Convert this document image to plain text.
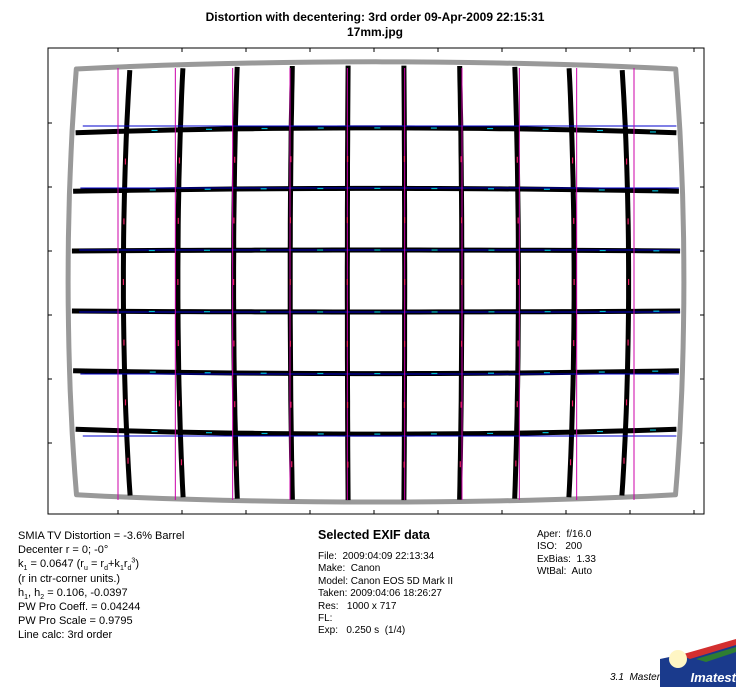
Distortion with decentering: 3rd order 09-Apr-2009 22:15:31
17mm.jpg
SMIA TV Distortion = -3.6% Barrel
Decenter r = 0; -0°
$k_1 = 0.0647$ $(r_u = r_d+k_1r_d^3)$
(r in ctr-corner units.)
$h_1$, $h_2 = 0.106$, -0.0397
PW Pro Coeff. = 0.04244
PW Pro Scale = 0.9795
Line calc: 3rd order
Selected EXIF data
File:  2009:04:09 22:13:34
Make:  Canon
Model: Canon EOS 5D Mark II
Taken: 2009:04:06 18:26:27
Res:   1000 x 717
FL:
Exp:   0.250 s  (1/4)
Aper:  f/16.0
ISO:   200
ExBias:  1.33
WtBal:  Auto
3.1  Master	Imatest
